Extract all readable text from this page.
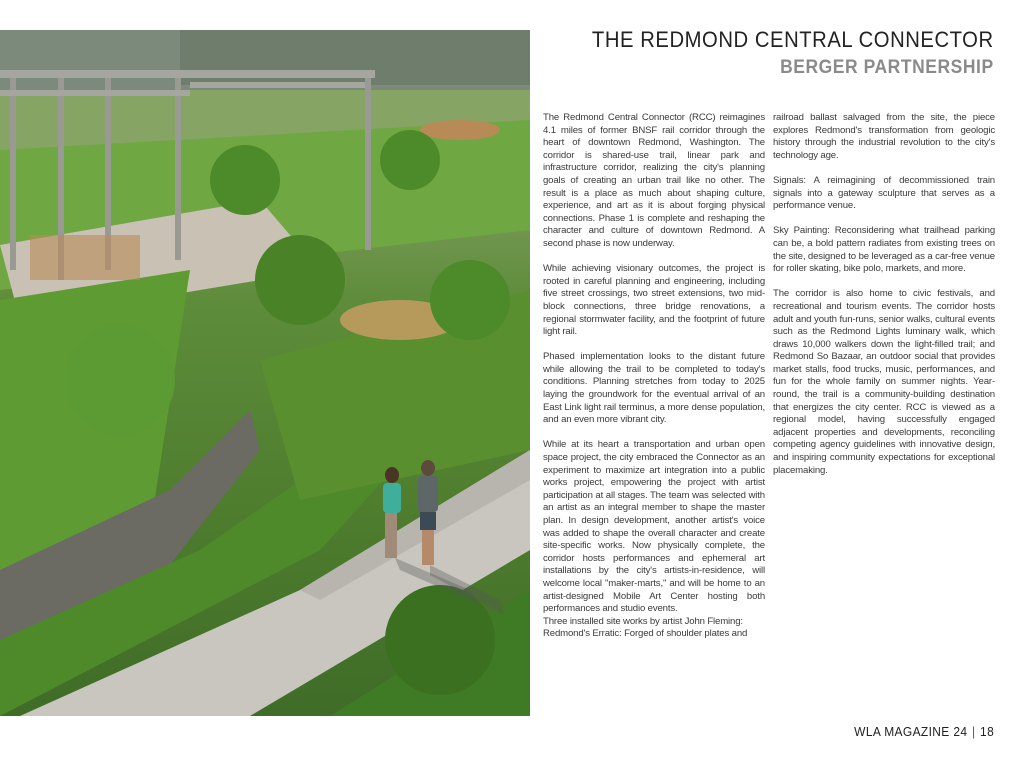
THE REDMOND CENTRAL CONNECTOR
BERGER PARTNERSHIP

The Redmond Central Connector (RCC) reimagines 4.1 miles of former BNSF rail corridor through the heart of downtown Redmond, Washington. The corridor is shared-use trail, linear park and infrastructure corridor, realizing the city's planning goals of creating an urban trail like no other. The result is a place as much about shaping culture, experience, and art as it is about forging physical connections. Phase 1 is complete and reshaping the character and culture of downtown Redmond. A second phase is now underway.

While achieving visionary outcomes, the project is rooted in careful planning and engineering, including five street crossings, two street extensions, two mid-block connections, three bridge renovations, a regional stormwater facility, and the footprint of future light rail.

Phased implementation looks to the distant future while allowing the trail to be completed to today's conditions. Planning stretches from today to 2025 laying the groundwork for the eventual arrival of an East Link light rail terminus, a more dense population, and an even more vibrant city.

While at its heart a transportation and urban open space project, the city embraced the Connector as an experiment to maximize art integration into a public works project, empowering the project with artist participation at all stages. The team was selected with an artist as an integral member to shape the master plan. In design development, another artist's voice was added to shape the overall character and create site-specific works. Now physically complete, the corridor hosts performances and ephemeral art installations by the city's artists-in-residence, will welcome local "maker-marts," and will be home to an artist-designed Mobile Art Center hosting both performances and studio events.

Three installed site works by artist John Fleming:

Redmond's Erratic: Forged of shoulder plates and

railroad ballast salvaged from the site, the piece explores Redmond's transformation from geologic history through the industrial revolution to the city's technology age.

Signals: A reimagining of decommissioned train signals into a gateway sculpture that serves as a performance venue.

Sky Painting: Reconsidering what trailhead parking can be, a bold pattern radiates from existing trees on the site, designed to be leveraged as a car-free venue for roller skating, bike polo, markets, and more.

The corridor is also home to civic festivals, and recreational and tourism events. The corridor hosts adult and youth fun-runs, senior walks, cultural events such as the Redmond Lights luminary walk, which draws 10,000 walkers down the light-filled trail; and Redmond So Bazaar, an outdoor social that provides market stalls, food trucks, music, performances, and fun for the whole family on summer nights. Year-round, the trail is a community-building destination that energizes the city center. RCC is viewed as a regional model, having successfully engaged adjacent properties and developments, reconciling competing agency guidelines with innovative design, and inspiring community expectations for exceptional placemaking.

WLA MAGAZINE 24 | 18
